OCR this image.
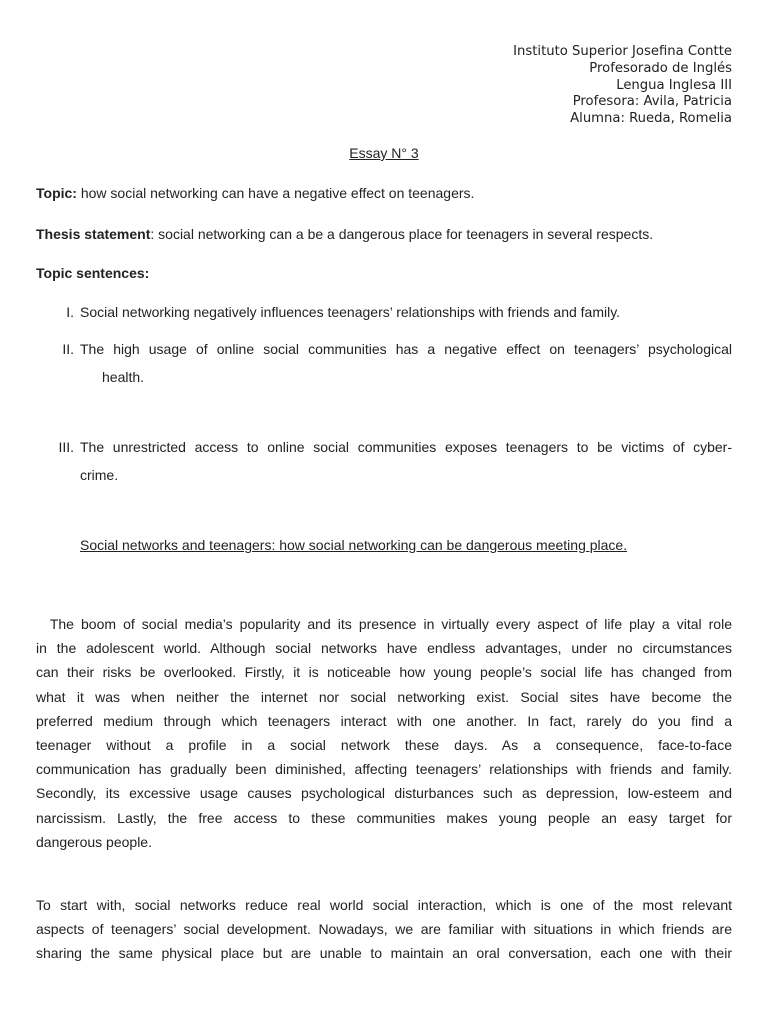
Instituto Superior Josefina Contte
Profesorado de Inglés
Lengua Inglesa III
Profesora: Avila, Patricia
Alumna: Rueda, Romelia
Essay N° 3
Topic: how social networking can have a negative effect on teenagers.
Thesis statement: social networking can a be a dangerous place for teenagers in several respects.
Topic sentences:
I. Social networking negatively influences teenagers’ relationships with friends and family.
II. The high usage of online social communities has a negative effect on teenagers’ psychological
health.
III. The unrestricted access to online social communities exposes teenagers to be victims of cyber-
crime.
Social networks and teenagers: how social networking can be dangerous meeting place.
The boom of social media’s popularity and its presence in virtually every aspect of life play a vital role
in the adolescent world. Although social networks have endless advantages, under no circumstances
can their risks be overlooked. Firstly, it is noticeable how young people’s social life has changed from
what it was when neither the internet nor social networking exist. Social sites have become the
preferred medium through which teenagers interact with one another. In fact, rarely do you find a
teenager without a profile in a social network these days. As a consequence, face-to-face
communication has gradually been diminished, affecting teenagers’ relationships with friends and family.
Secondly, its excessive usage causes psychological disturbances such as depression, low-esteem and
narcissism. Lastly, the free access to these communities makes young people an easy target for
dangerous people.
To start with, social networks reduce real world social interaction, which is one of the most relevant
aspects of teenagers’ social development. Nowadays, we are familiar with situations in which friends are
sharing the same physical place but are unable to maintain an oral conversation, each one with their
